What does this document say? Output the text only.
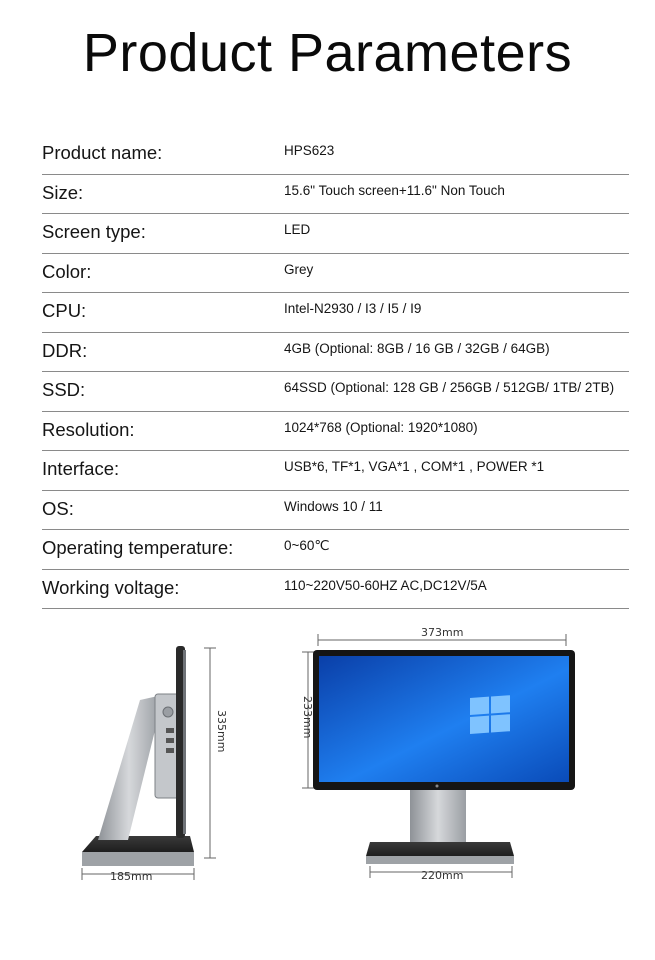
Product Parameters
Product name:	HPS623
Size:	15.6" Touch screen+11.6" Non Touch
Screen type:	LED
Color:	Grey
CPU:	Intel-N2930 / I3 / I5 / I9
DDR:	4GB (Optional: 8GB / 16 GB / 32GB / 64GB)
SSD:	64SSD (Optional: 128 GB / 256GB / 512GB/ 1TB/ 2TB)
Resolution:	1024*768 (Optional: 1920*1080)
Interface:	USB*6, TF*1, VGA*1 , COM*1 , POWER *1
OS:	Windows 10 / 11
Operating temperature:	0~60℃
Working voltage:	110~220V50-60HZ AC,DC12V/5A
185mm
335mm
373mm
233mm
220mm
